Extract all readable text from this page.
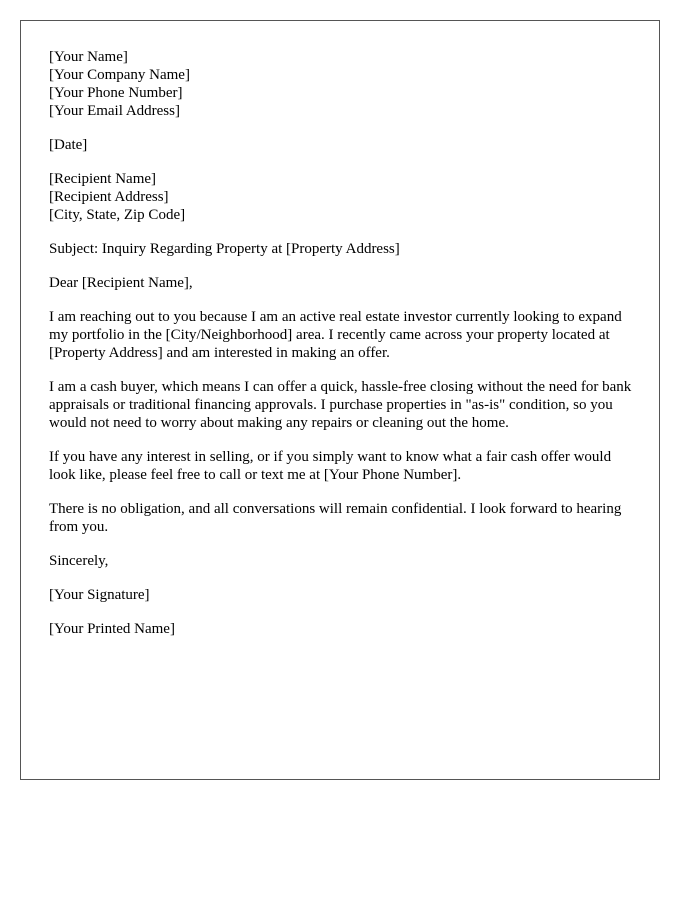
[Your Name]
[Your Company Name]
[Your Phone Number]
[Your Email Address]
[Date]
[Recipient Name]
[Recipient Address]
[City, State, Zip Code]

Subject: Inquiry Regarding Property at [Property Address]

Dear [Recipient Name],

I am reaching out to you because I am an active real estate investor currently looking to expand my portfolio in the [City/Neighborhood] area. I recently came across your property located at [Property Address] and am interested in making an offer.

I am a cash buyer, which means I can offer a quick, hassle-free closing without the need for bank appraisals or traditional financing approvals. I purchase properties in "as-is" condition, so you would not need to worry about making any repairs or cleaning out the home.

If you have any interest in selling, or if you simply want to know what a fair cash offer would look like, please feel free to call or text me at [Your Phone Number].

There is no obligation, and all conversations will remain confidential. I look forward to hearing from you.

Sincerely,

[Your Signature]

[Your Printed Name]
